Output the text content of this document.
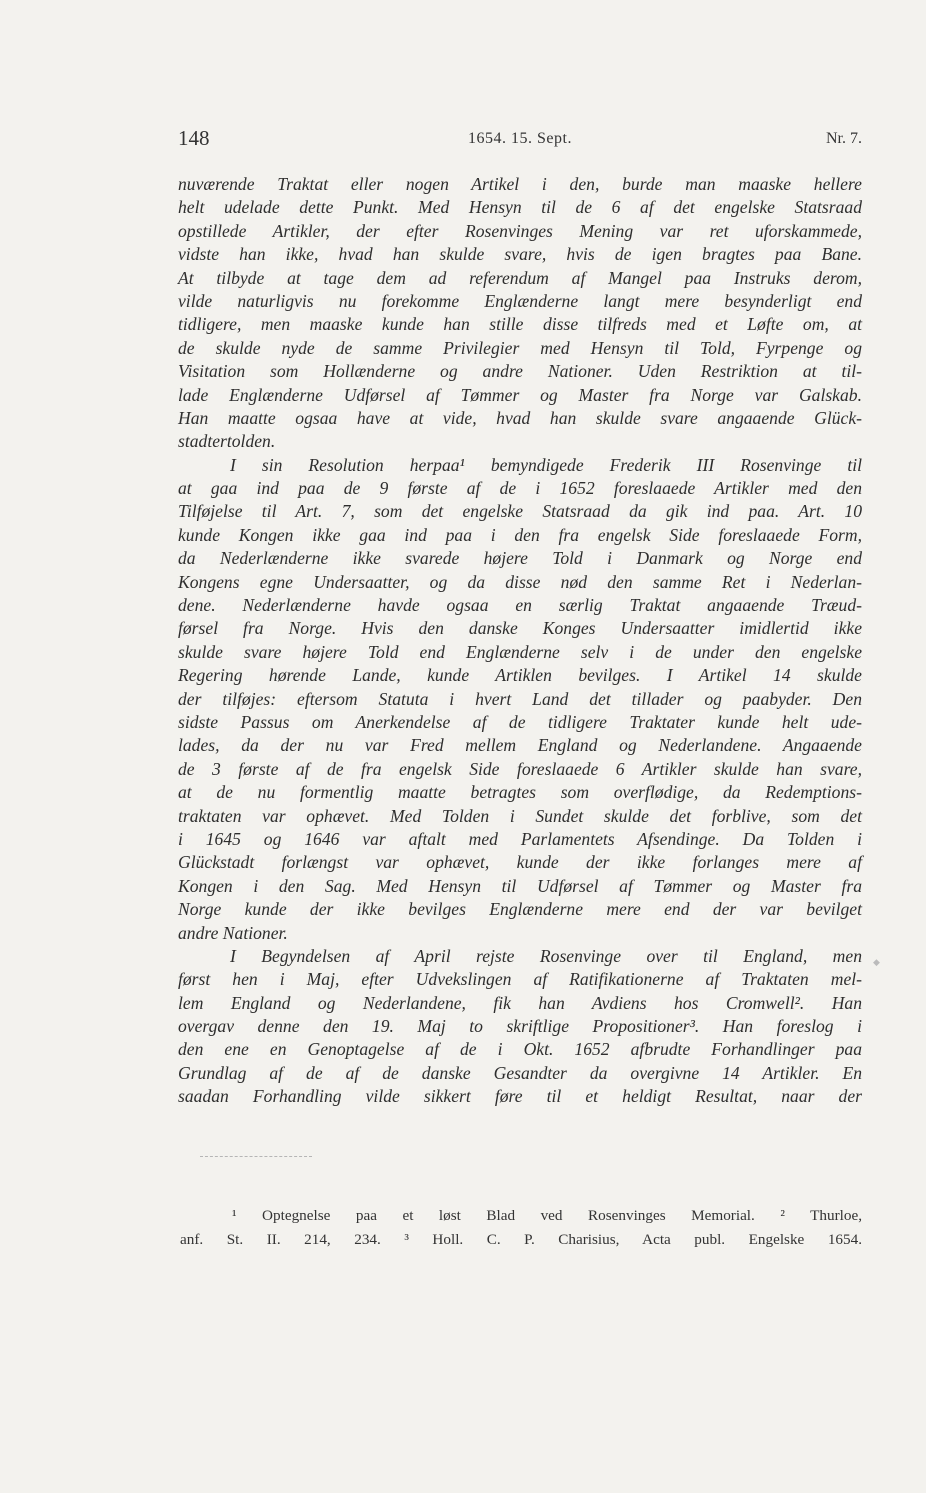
148	1654. 15. Sept.	Nr. 7.
nuværende Traktat eller nogen Artikel i den, burde man maaske hellere
helt udelade dette Punkt. Med Hensyn til de 6 af det engelske Statsraad
opstillede Artikler, der efter Rosenvinges Mening var ret uforskammede,
vidste han ikke, hvad han skulde svare, hvis de igen bragtes paa Bane.
At tilbyde at tage dem ad referendum af Mangel paa Instruks derom,
vilde naturligvis nu forekomme Englænderne langt mere besynderligt end
tidligere, men maaske kunde han stille disse tilfreds med et Løfte om, at
de skulde nyde de samme Privilegier med Hensyn til Told, Fyrpenge og
Visitation som Hollænderne og andre Nationer. Uden Restriktion at til-
lade Englænderne Udførsel af Tømmer og Master fra Norge var Galskab.
Han maatte ogsaa have at vide, hvad han skulde svare angaaende Glück-
stadtertolden.
I sin Resolution herpaa¹ bemyndigede Frederik III Rosenvinge til
at gaa ind paa de 9 første af de i 1652 foreslaaede Artikler med den
Tilføjelse til Art. 7, som det engelske Statsraad da gik ind paa. Art. 10
kunde Kongen ikke gaa ind paa i den fra engelsk Side foreslaaede Form,
da Nederlænderne ikke svarede højere Told i Danmark og Norge end
Kongens egne Undersaatter, og da disse nød den samme Ret i Nederlan-
dene. Nederlænderne havde ogsaa en særlig Traktat angaaende Træud-
førsel fra Norge. Hvis den danske Konges Undersaatter imidlertid ikke
skulde svare højere Told end Englænderne selv i de under den engelske
Regering hørende Lande, kunde Artiklen bevilges. I Artikel 14 skulde
der tilføjes: eftersom Statuta i hvert Land det tillader og paabyder. Den
sidste Passus om Anerkendelse af de tidligere Traktater kunde helt ude-
lades, da der nu var Fred mellem England og Nederlandene. Angaaende
de 3 første af de fra engelsk Side foreslaaede 6 Artikler skulde han svare,
at de nu formentlig maatte betragtes som overflødige, da Redemptions-
traktaten var ophævet. Med Tolden i Sundet skulde det forblive, som det
i 1645 og 1646 var aftalt med Parlamentets Afsendinge. Da Tolden i
Glückstadt forlængst var ophævet, kunde der ikke forlanges mere af
Kongen i den Sag. Med Hensyn til Udførsel af Tømmer og Master fra
Norge kunde der ikke bevilges Englænderne mere end der var bevilget
andre Nationer.
I Begyndelsen af April rejste Rosenvinge over til England, men
først hen i Maj, efter Udvekslingen af Ratifikationerne af Traktaten mel-
lem England og Nederlandene, fik han Avdiens hos Cromwell². Han
overgav denne den 19. Maj to skriftlige Propositioner³. Han foreslog i
den ene en Genoptagelse af de i Okt. 1652 afbrudte Forhandlinger paa
Grundlag af de af de danske Gesandter da overgivne 14 Artikler. En
saadan Forhandling vilde sikkert føre til et heldigt Resultat, naar der
¹ Optegnelse paa et løst Blad ved Rosenvinges Memorial. ² Thurloe,
anf. St. II. 214, 234. ³ Holl. C. P. Charisius, Acta publ. Engelske 1654.
◆
